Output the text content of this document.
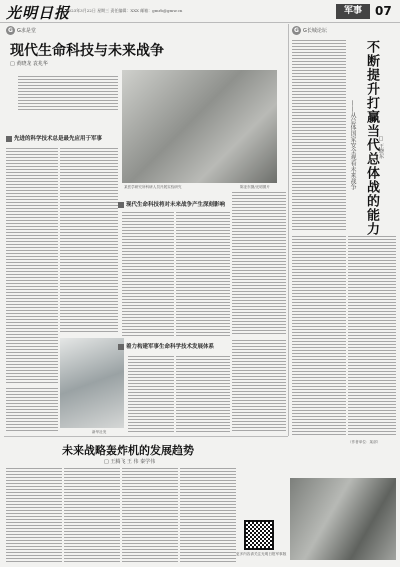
光明日报
2023年3月22日 星期三 责任编辑：XXX 邮箱：gmrb@gmw.cn	军事	07
G G求是堂
现代生命科技与未来战争
□ 黄晓龙 袁兆华
某医学研究所科研人员开展实验研究	陈亚东摄/光明图片
先进的科学技术总是最先应用于军事
新华社发
现代生命科技将对未来战争产生深刻影响
着力构建军事生命科学技术发展体系
G G长城论坛
不断提升打赢当代总体战的能力
——从总体国家安全观看未来战争	□ 王晓东
（作者单位：某部）
未来战略轰炸机的发展趋势
□ 王腾飞 王 伟 秦学伟
更多内容请关注光明日报军事版
